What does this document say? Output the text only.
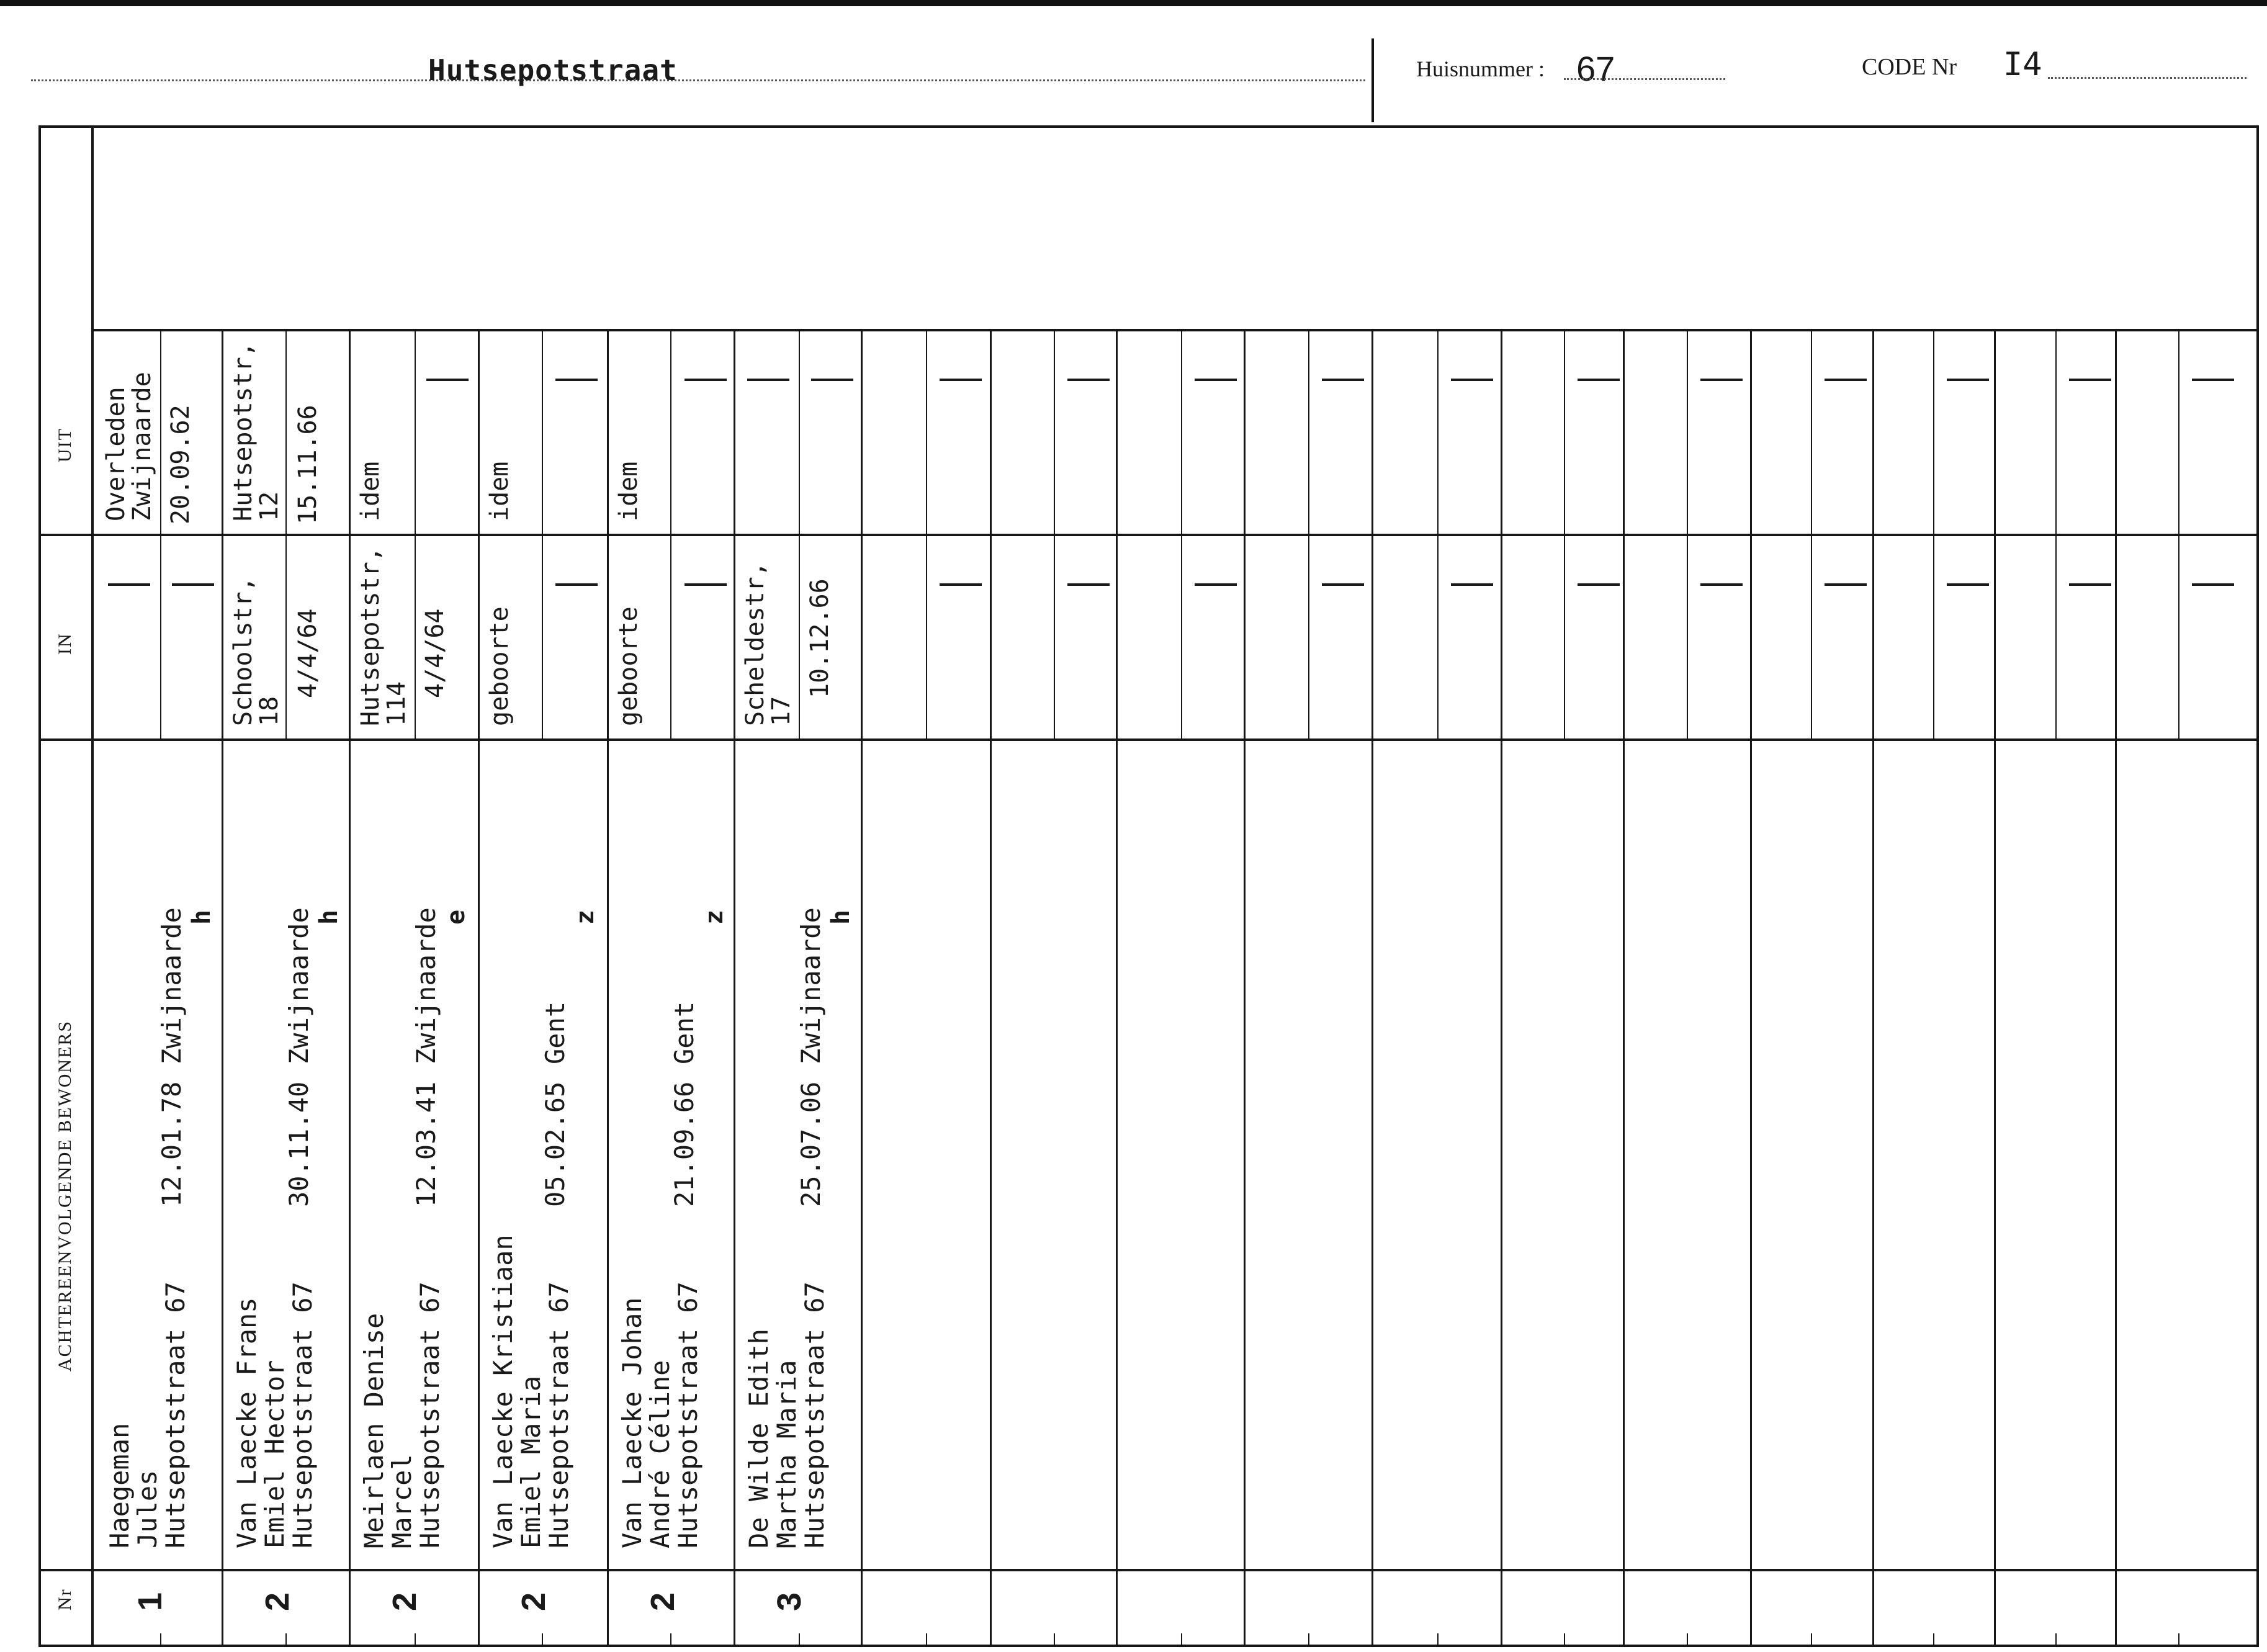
Hutsepotstraat	Huisnummer : 67	CODE Nr I4
UIT
IN
ACHTEREENVOLGENDE BEWONERS
Nr 1
Haegeman
Jules
Hutsepotstraat 67
12.01.78
Zwijnaarde h
Overleden
Zwijnaarde 20.09.62
2
Van Laecke Frans
Emiel Hector
Hutsepotstraat 67
30.11.40
Zwijnaarde h
Schoolstr,
18
4/4/64
Hutsepotstr,
12 15.11.66
2
Meirlaen Denise
Marcel
Hutsepotstraat 67
12.03.41
Zwijnaarde e
Hutsepotstr,
114
4/4/64
idem
2
Van Laecke Kristiaan
Emiel Maria
Hutsepotstraat 67
05.02.65
Gent
z
geboorte
idem
2
Van Laecke Johan
André Céline
Hutsepotstraat 67
21.09.66
Gent
z
geboorte
idem
3
De Wilde Edith
Martha Maria
Hutsepotstraat 67
25.07.06
Zwijnaarde h
Scheldestr,
17
10.12.66
